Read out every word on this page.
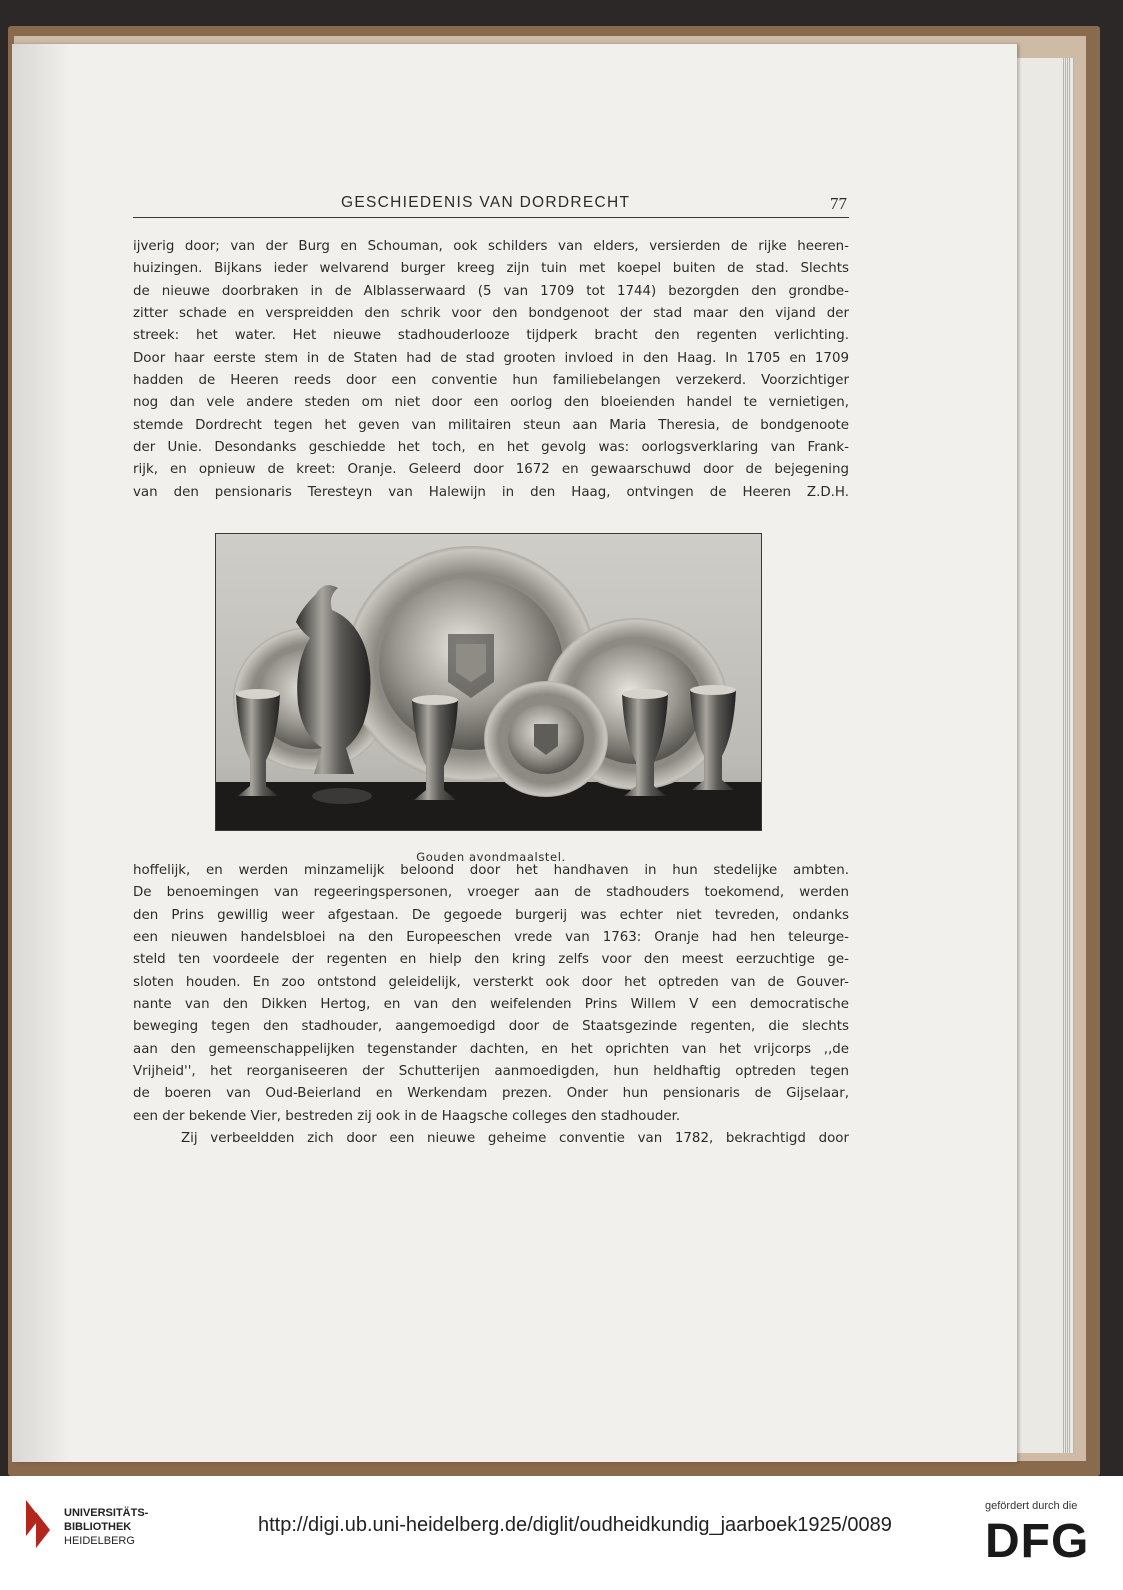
GESCHIEDENIS VAN DORDRECHT	77

ijverig door; van der Burg en Schouman, ook schilders van elders, versierden de rijke heeren-

huizingen. Bijkans ieder welvarend burger kreeg zijn tuin met koepel buiten de stad. Slechts

de nieuwe doorbraken in de Alblasserwaard (5 van 1709 tot 1744) bezorgden den grondbe-

zitter schade en verspreidden den schrik voor den bondgenoot der stad maar den vijand der

streek: het water. Het nieuwe stadhouderlooze tijdperk bracht den regenten verlichting.

Door haar eerste stem in de Staten had de stad grooten invloed in den Haag. In 1705 en 1709

hadden de Heeren reeds door een conventie hun familiebelangen verzekerd. Voorzichtiger

nog dan vele andere steden om niet door een oorlog den bloeienden handel te vernietigen,

stemde Dordrecht tegen het geven van militairen steun aan Maria Theresia, de bondgenoote

der Unie. Desondanks geschiedde het toch, en het gevolg was: oorlogsverklaring van Frank-

rijk, en opnieuw de kreet: Oranje. Geleerd door 1672 en gewaarschuwd door de bejegening

van den pensionaris Teresteyn van Halewijn in den Haag, ontvingen de Heeren Z.D.H.

Gouden avondmaalstel.

hoffelijk, en werden minzamelijk beloond door het handhaven in hun stedelijke ambten.

De benoemingen van regeeringspersonen, vroeger aan de stadhouders toekomend, werden

den Prins gewillig weer afgestaan. De gegoede burgerij was echter niet tevreden, ondanks

een nieuwen handelsbloei na den Europeeschen vrede van 1763: Oranje had hen teleurge-

steld ten voordeele der regenten en hielp den kring zelfs voor den meest eerzuchtige ge-

sloten houden. En zoo ontstond geleidelijk, versterkt ook door het optreden van de Gouver-

nante van den Dikken Hertog, en van den weifelenden Prins Willem V een democratische

beweging tegen den stadhouder, aangemoedigd door de Staatsgezinde regenten, die slechts

aan den gemeenschappelijken tegenstander dachten, en het oprichten van het vrijcorps ,,de

Vrijheid'', het reorganiseeren der Schutterijen aanmoedigden, hun heldhaftig optreden tegen

de boeren van Oud-Beierland en Werkendam prezen. Onder hun pensionaris de Gijselaar,

een der bekende Vier, bestreden zij ook in de Haagsche colleges den stadhouder.

Zij verbeeldden zich door een nieuwe geheime conventie van 1782, bekrachtigd door

UNIVERSITÄTS-
BIBLIOTHEK
HEIDELBERG
http://digi.ub.uni-heidelberg.de/diglit/oudheidkundig_jaarboek1925/0089
gefördert durch die
DFG
